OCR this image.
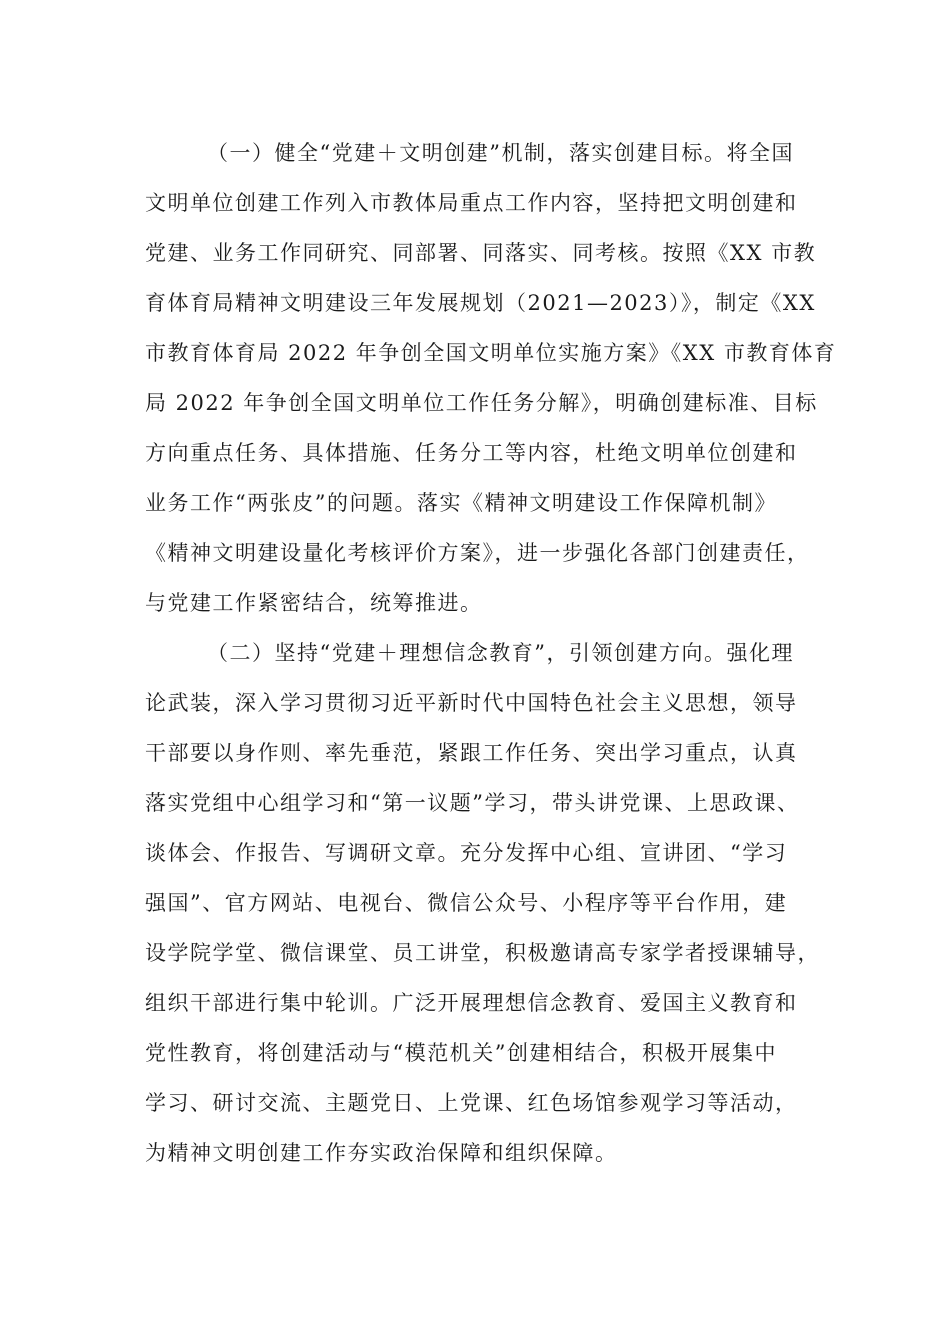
（一）健全“党建＋文明创建”机制，落实创建目标。将全国
文明单位创建工作列入市教体局重点工作内容，坚持把文明创建和
党建、业务工作同研究、同部署、同落实、同考核。按照《XX 市教
育体育局精神文明建设三年发展规划（2021—2023）》，制定《XX
市教育体育局 2022 年争创全国文明单位实施方案》《XX 市教育体育
局 2022 年争创全国文明单位工作任务分解》，明确创建标准、目标
方向重点任务、具体措施、任务分工等内容，杜绝文明单位创建和
业务工作“两张皮”的问题。落实《精神文明建设工作保障机制》
《精神文明建设量化考核评价方案》，进一步强化各部门创建责任，
与党建工作紧密结合，统筹推进。
（二）坚持“党建＋理想信念教育”，引领创建方向。强化理
论武装，深入学习贯彻习近平新时代中国特色社会主义思想，领导
干部要以身作则、率先垂范，紧跟工作任务、突出学习重点，认真
落实党组中心组学习和“第一议题”学习，带头讲党课、上思政课、
谈体会、作报告、写调研文章。充分发挥中心组、宣讲团、“学习
强国”、官方网站、电视台、微信公众号、小程序等平台作用，建
设学院学堂、微信课堂、员工讲堂，积极邀请高专家学者授课辅导，
组织干部进行集中轮训。广泛开展理想信念教育、爱国主义教育和
党性教育，将创建活动与“模范机关”创建相结合，积极开展集中
学习、研讨交流、主题党日、上党课、红色场馆参观学习等活动，
为精神文明创建工作夯实政治保障和组织保障。
